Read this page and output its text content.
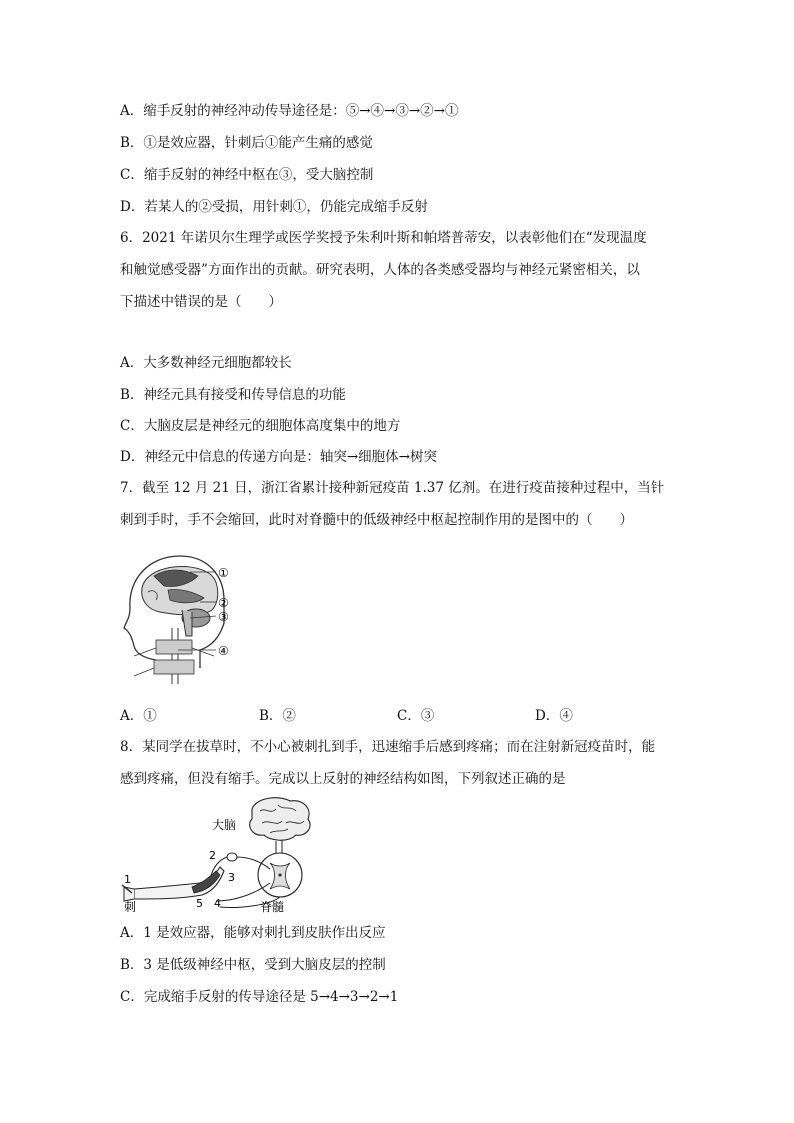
A．缩手反射的神经冲动传导途径是：⑤→④→③→②→①
B．①是效应器，针刺后①能产生痛的感觉
C．缩手反射的神经中枢在③，受大脑控制
D．若某人的②受损，用针刺①，仍能完成缩手反射
6．2021 年诺贝尔生理学或医学奖授予朱利叶斯和帕塔普蒂安，以表彰他们在“发现温度
和触觉感受器”方面作出的贡献。研究表明，人体的各类感受器均与神经元紧密相关，以
下描述中错误的是（　　）
A．大多数神经元细胞都较长
B．神经元具有接受和传导信息的功能
C．大脑皮层是神经元的细胞体高度集中的地方
D．神经元中信息的传递方向是：轴突→细胞体→树突
7．截至 12 月 21 日，浙江省累计接种新冠疫苗 1.37 亿剂。在进行疫苗接种过程中，当针
刺到手时，手不会缩回，此时对脊髓中的低级神经中枢起控制作用的是图中的（　　）
①
②
③
④
A．①	B．②	C．③	D．④
8．某同学在拔草时，不小心被刺扎到手，迅速缩手后感到疼痛；而在注射新冠疫苗时，能
感到疼痛，但没有缩手。完成以上反射的神经结构如图，下列叙述正确的是
大脑
脊髓
刺
1
2
3
4
5
A．1 是效应器，能够对刺扎到皮肤作出反应
B．3 是低级神经中枢，受到大脑皮层的控制
C．完成缩手反射的传导途径是 5→4→3→2→1
